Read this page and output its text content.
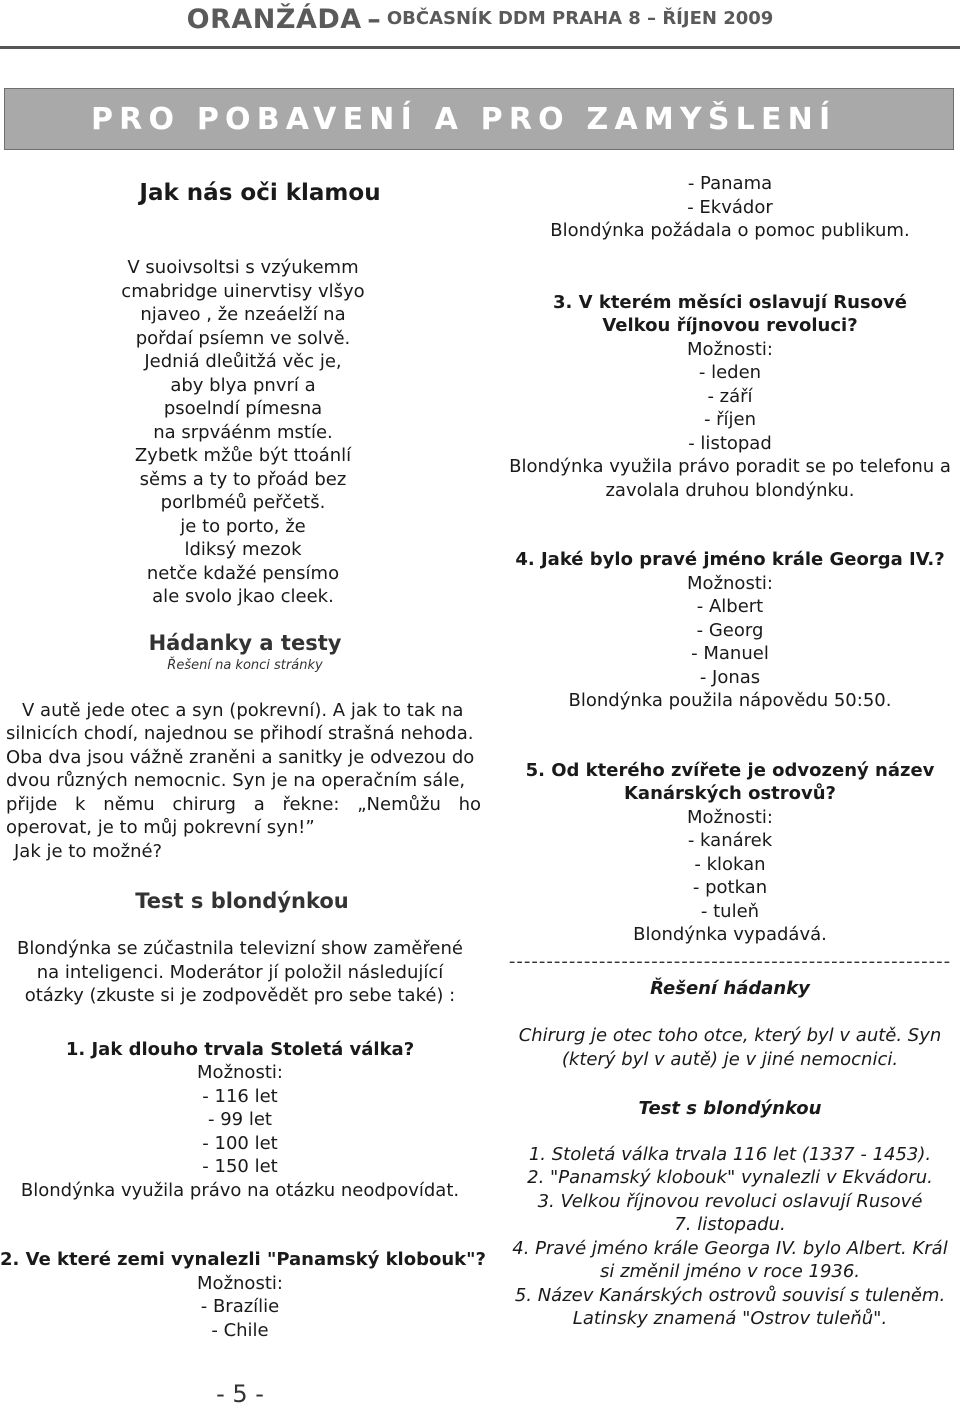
ORANŽÁDA – OBČASNÍK DDM PRAHA 8 – ŘÍJEN 2009
PRO POBAVENÍ A PRO ZAMYŠLENÍ
Jak nás oči klamou
V suoivsoltsi s vzýukemm
cmabridge uinervtisy vlšyo
njaveo , že nzeáelží na
pořdaí psíemn ve solvě.
Jedniá dleůitžá věc je,
aby blya pnvrí a
psoelndí pímesna
na srpváénm mstíe.
Zybetk mžůe být ttoánlí
sěms a ty to přoád bez
porlbméů peřčetš.
je to porto, že
ldiksý mezok
netče kdažé pensímo
ale svolo jkao cleek.
Hádanky a testy
Řešení na konci stránky
V autě jede otec a syn (pokrevní). A jak to tak na
silnicích chodí, najednou se přihodí strašná nehoda.
Oba dva jsou vážně zraněni a sanitky je odvezou do
dvou různých nemocnic. Syn je na operačním sále,
přijde k němu chirurg a řekne: „Nemůžu ho
operovat, je to můj pokrevní syn!”
Jak je to možné?
Test s blondýnkou
Blondýnka se zúčastnila televizní show zaměřené
na inteligenci. Moderátor jí položil následující
otázky (zkuste si je zodpovědět pro sebe také) :
1. Jak dlouho trvala Stoletá válka?
Možnosti:
- 116 let
- 99 let
- 100 let
- 150 let
Blondýnka využila právo na otázku neodpovídat.
2. Ve které zemi vynalezli "Panamský klobouk"?
Možnosti:
- Brazílie
- Chile
- Panama
- Ekvádor
Blondýnka požádala o pomoc publikum.
3. V kterém měsíci oslavují Rusové
Velkou říjnovou revoluci?
Možnosti:
- leden
- září
- říjen
- listopad
Blondýnka využila právo poradit se po telefonu a
zavolala druhou blondýnku.
4. Jaké bylo pravé jméno krále Georga IV.?
Možnosti:
- Albert
- Georg
- Manuel
- Jonas
Blondýnka použila nápovědu 50:50.
5. Od kterého zvířete je odvozený název
Kanárských ostrovů?
Možnosti:
- kanárek
- klokan
- potkan
- tuleň
Blondýnka vypadává.
-----------------------------------------------------------
Řešení hádanky
Chirurg je otec toho otce, který byl v autě. Syn
(který byl v autě) je v jiné nemocnici.
Test s blondýnkou
1. Stoletá válka trvala 116 let (1337 - 1453).
2. "Panamský klobouk" vynalezli v Ekvádoru.
3. Velkou říjnovou revoluci oslavují Rusové
7. listopadu.
4. Pravé jméno krále Georga IV. bylo Albert. Král
si změnil jméno v roce 1936.
5. Název Kanárských ostrovů souvisí s tuleněm.
Latinsky znamená "Ostrov tuleňů".
- 5 -
